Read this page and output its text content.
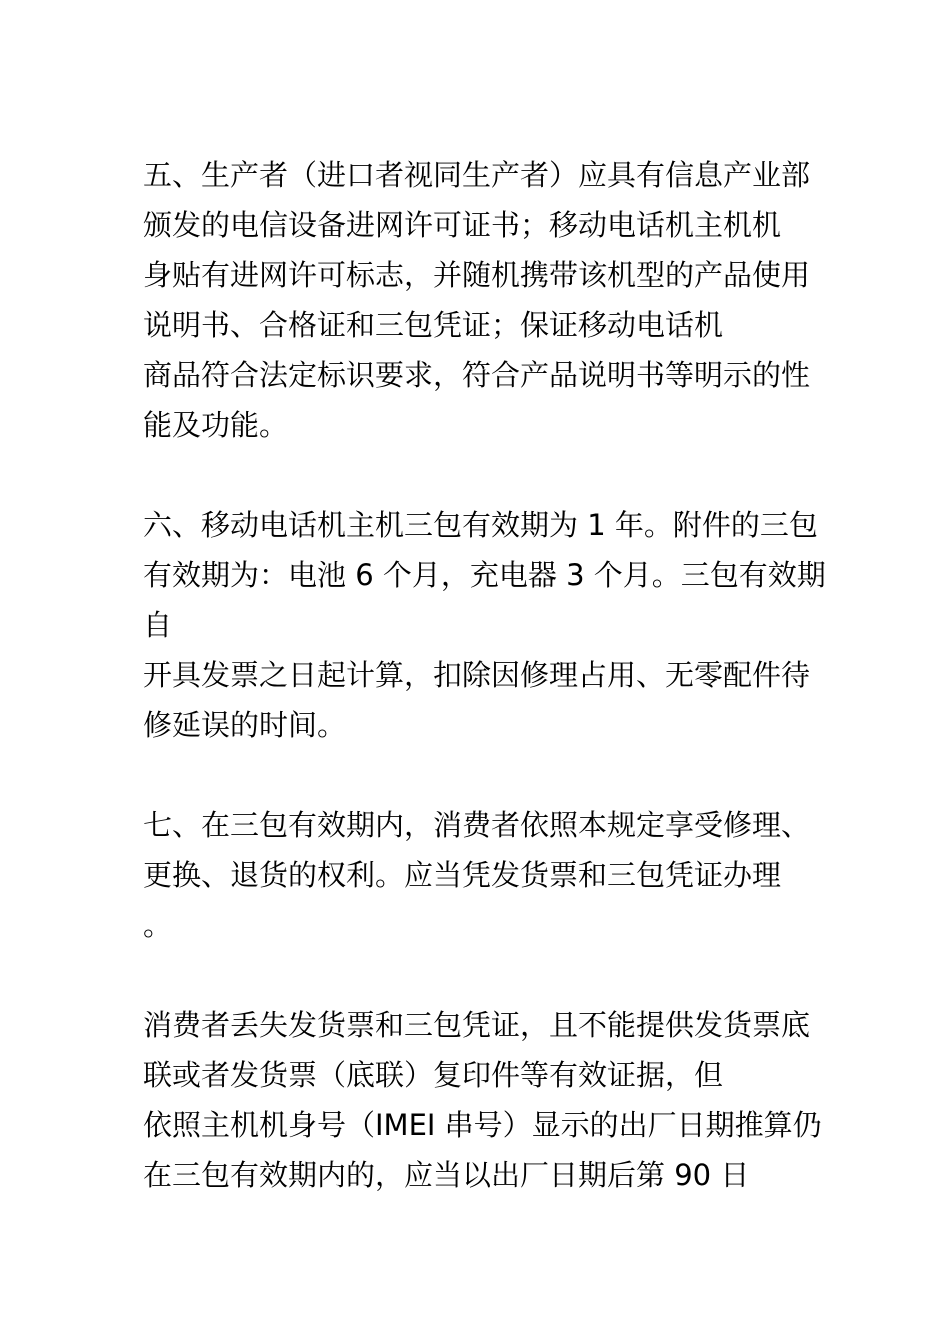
五、生产者（进口者视同生产者）应具有信息产业部
颁发的电信设备进网许可证书；移动电话机主机机
身贴有进网许可标志，并随机携带该机型的产品使用
说明书、合格证和三包凭证；保证移动电话机
商品符合法定标识要求，符合产品说明书等明示的性
能及功能。
六、移动电话机主机三包有效期为 1 年。附件的三包
有效期为：电池 6 个月，充电器 3 个月。三包有效期
自
开具发票之日起计算，扣除因修理占用、无零配件待
修延误的时间。
七、在三包有效期内，消费者依照本规定享受修理、
更换、退货的权利。应当凭发货票和三包凭证办理
。
消费者丢失发货票和三包凭证，且不能提供发货票底
联或者发货票（底联）复印件等有效证据，但
依照主机机身号（IMEI 串号）显示的出厂日期推算仍
在三包有效期内的，应当以出厂日期后第 90 日
